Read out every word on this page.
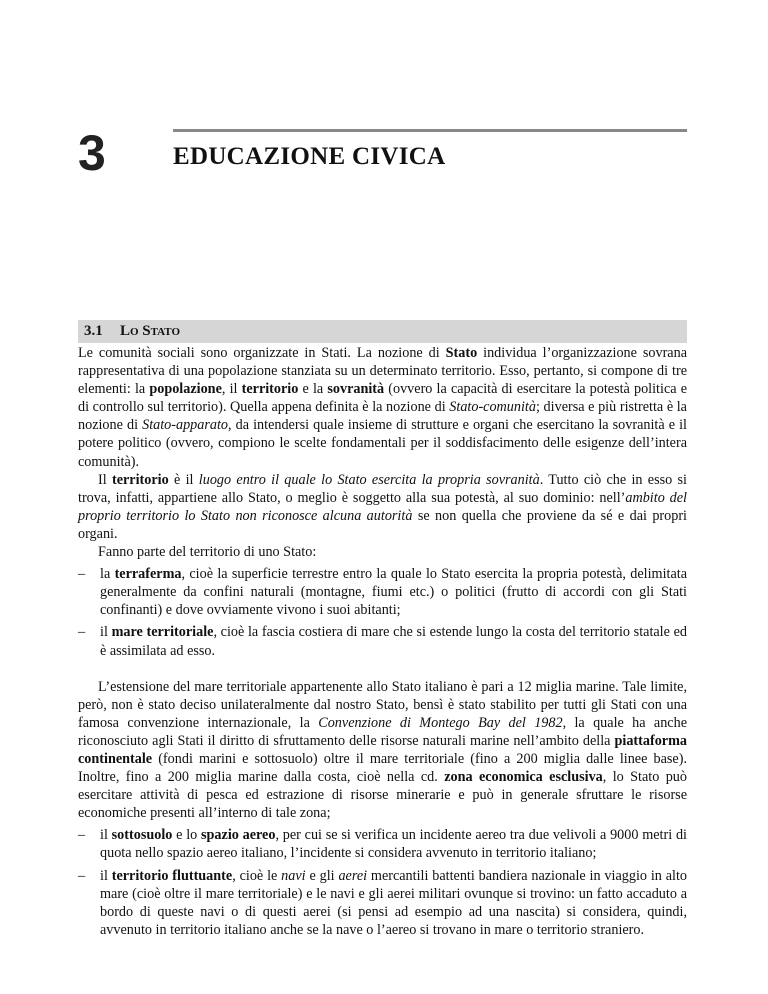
3	EDUCAZIONE CIVICA
3.1 Lo Stato

Le comunità sociali sono organizzate in Stati. La nozione di Stato individua l’organizzazione sovrana rappresentativa di una popolazione stanziata su un determinato territorio. Esso, pertanto, si compone di tre elementi: la popolazione, il territorio e la sovranità (ovvero la capacità di esercitare la potestà politica e di controllo sul territorio). Quella appena definita è la nozione di Stato-comunità; diversa e più ristretta è la nozione di Stato-apparato, da intendersi quale insieme di strutture e organi che esercitano la sovranità e il potere politico (ovvero, compiono le scelte fondamentali per il soddisfacimento delle esigenze dell’intera comunità).

Il territorio è il luogo entro il quale lo Stato esercita la propria sovranità. Tutto ciò che in esso si trova, infatti, appartiene allo Stato, o meglio è soggetto alla sua potestà, al suo dominio: nell’ambito del proprio territorio lo Stato non riconosce alcuna autorità se non quella che proviene da sé e dai propri organi.

Fanno parte del territorio di uno Stato:

– la terraferma, cioè la superficie terrestre entro la quale lo Stato esercita la propria potestà, delimitata generalmente da confini naturali (montagne, fiumi etc.) o politici (frutto di accordi con gli Stati confinanti) e dove ovviamente vivono i suoi abitanti;

– il mare territoriale, cioè la fascia costiera di mare che si estende lungo la costa del territorio statale ed è assimilata ad esso.

L’estensione del mare territoriale appartenente allo Stato italiano è pari a 12 miglia marine. Tale limite, però, non è stato deciso unilateralmente dal nostro Stato, bensì è stato stabilito per tutti gli Stati con una famosa convenzione internazionale, la Convenzione di Montego Bay del 1982, la quale ha anche riconosciuto agli Stati il diritto di sfruttamento delle risorse naturali marine nell’ambito della piattaforma continentale (fondi marini e sottosuolo) oltre il mare territoriale (fino a 200 miglia dalle linee base). Inoltre, fino a 200 miglia marine dalla costa, cioè nella cd. zona economica esclusiva, lo Stato può esercitare attività di pesca ed estrazione di risorse minerarie e può in generale sfruttare le risorse economiche presenti all’interno di tale zona;

– il sottosuolo e lo spazio aereo, per cui se si verifica un incidente aereo tra due velivoli a 9000 metri di quota nello spazio aereo italiano, l’incidente si considera avvenuto in territorio italiano;

– il territorio fluttuante, cioè le navi e gli aerei mercantili battenti bandiera nazionale in viaggio in alto mare (cioè oltre il mare territoriale) e le navi e gli aerei militari ovunque si trovino: un fatto accaduto a bordo di queste navi o di questi aerei (si pensi ad esempio ad una nascita) si considera, quindi, avvenuto in territorio italiano anche se la nave o l’aereo si trovano in mare o territorio straniero.
